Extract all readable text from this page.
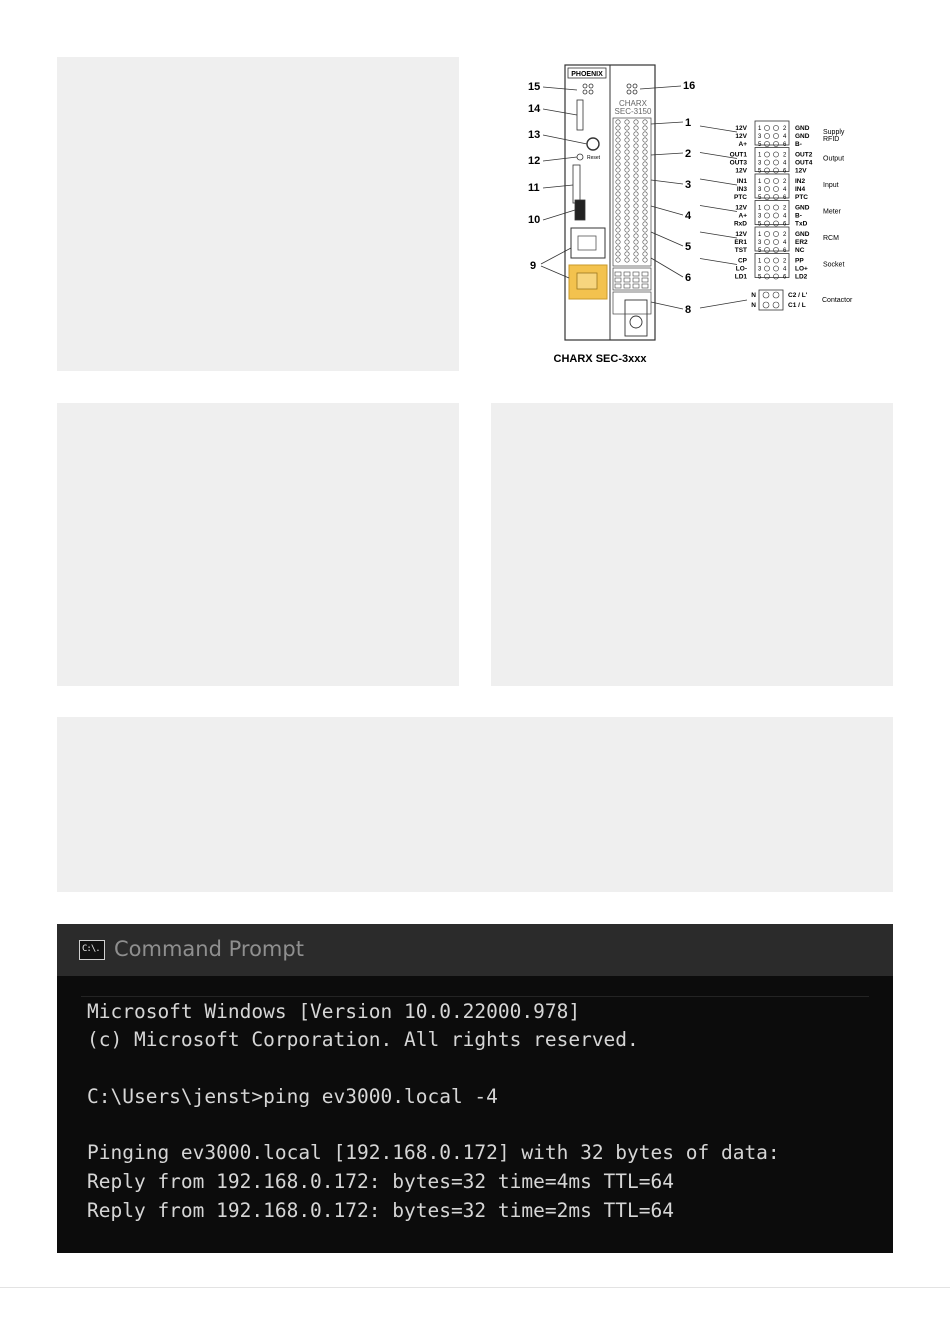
PHOENIX
CHARX
SEC-3150
Reset
15
14
13
12
11
10
9
16
1
2
3
4
5
6
8
12V	GND
1	2
12V	GND
3	4
A+	B-
5	6
Supply
RFID
OUT1	OUT2
1	2
OUT3	OUT4
3	4
12V	12V
5	6
Output
IN1	IN2
1	2
IN3	IN4
3	4
PTC	PTC
5	6
Input
12V	GND
1	2
A+	B-
3	4
RxD	TxD
5	6
Meter
12V	GND
1	2
ER1	ER2
3	4
TST	NC
5	6
RCM
CP	PP
1	2
LO-	LO+
3	4
LD1	LD2
5	6
Socket
N	C2 / L'
N	C1 / L
Contactor
CHARX SEC-3xxx
C:\. Command Prompt
Microsoft Windows [Version 10.0.22000.978]
(c) Microsoft Corporation. All rights reserved.
C:\Users\jenst>ping ev3000.local -4
Pinging ev3000.local [192.168.0.172] with 32 bytes of data:
Reply from 192.168.0.172: bytes=32 time=4ms TTL=64
Reply from 192.168.0.172: bytes=32 time=2ms TTL=64
